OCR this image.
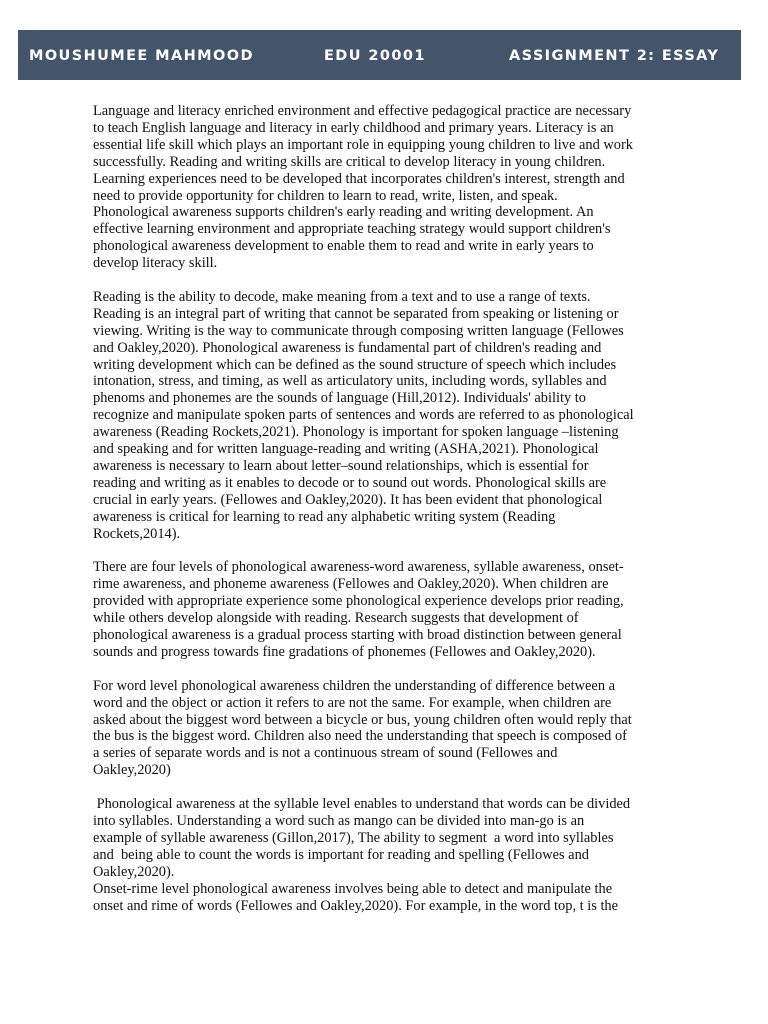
MOUSHUMEE MAHMOOD	EDU 20001	ASSIGNMENT 2: ESSAY

Language and literacy enriched environment and effective pedagogical practice are necessary
to teach English language and literacy in early childhood and primary years. Literacy is an
essential life skill which plays an important role in equipping young children to live and work
successfully. Reading and writing skills are critical to develop literacy in young children.
Learning experiences need to be developed that incorporates children's interest, strength and
need to provide opportunity for children to learn to read, write, listen, and speak.
Phonological awareness supports children's early reading and writing development. An
effective learning environment and appropriate teaching strategy would support children's
phonological awareness development to enable them to read and write in early years to
develop literacy skill.

Reading is the ability to decode, make meaning from a text and to use a range of texts.
Reading is an integral part of writing that cannot be separated from speaking or listening or
viewing. Writing is the way to communicate through composing written language (Fellowes
and Oakley,2020). Phonological awareness is fundamental part of children's reading and
writing development which can be defined as the sound structure of speech which includes
intonation, stress, and timing, as well as articulatory units, including words, syllables and
phenoms and phonemes are the sounds of language (Hill,2012). Individuals' ability to
recognize and manipulate spoken parts of sentences and words are referred to as phonological
awareness (Reading Rockets,2021). Phonology is important for spoken language –listening
and speaking and for written language-reading and writing (ASHA,2021). Phonological
awareness is necessary to learn about letter–sound relationships, which is essential for
reading and writing as it enables to decode or to sound out words. Phonological skills are
crucial in early years. (Fellowes and Oakley,2020). It has been evident that phonological
awareness is critical for learning to read any alphabetic writing system (Reading
Rockets,2014).

There are four levels of phonological awareness-word awareness, syllable awareness, onset-
rime awareness, and phoneme awareness (Fellowes and Oakley,2020). When children are
provided with appropriate experience some phonological experience develops prior reading,
while others develop alongside with reading. Research suggests that development of
phonological awareness is a gradual process starting with broad distinction between general
sounds and progress towards fine gradations of phonemes (Fellowes and Oakley,2020).

For word level phonological awareness children the understanding of difference between a
word and the object or action it refers to are not the same. For example, when children are
asked about the biggest word between a bicycle or bus, young children often would reply that
the bus is the biggest word. Children also need the understanding that speech is composed of
a series of separate words and is not a continuous stream of sound (Fellowes and
Oakley,2020)

Phonological awareness at the syllable level enables to understand that words can be divided
into syllables. Understanding a word such as mango can be divided into man-go is an
example of syllable awareness (Gillon,2017), The ability to segment  a word into syllables
and  being able to count the words is important for reading and spelling (Fellowes and
Oakley,2020).

Onset-rime level phonological awareness involves being able to detect and manipulate the
onset and rime of words (Fellowes and Oakley,2020). For example, in the word top, t is the
